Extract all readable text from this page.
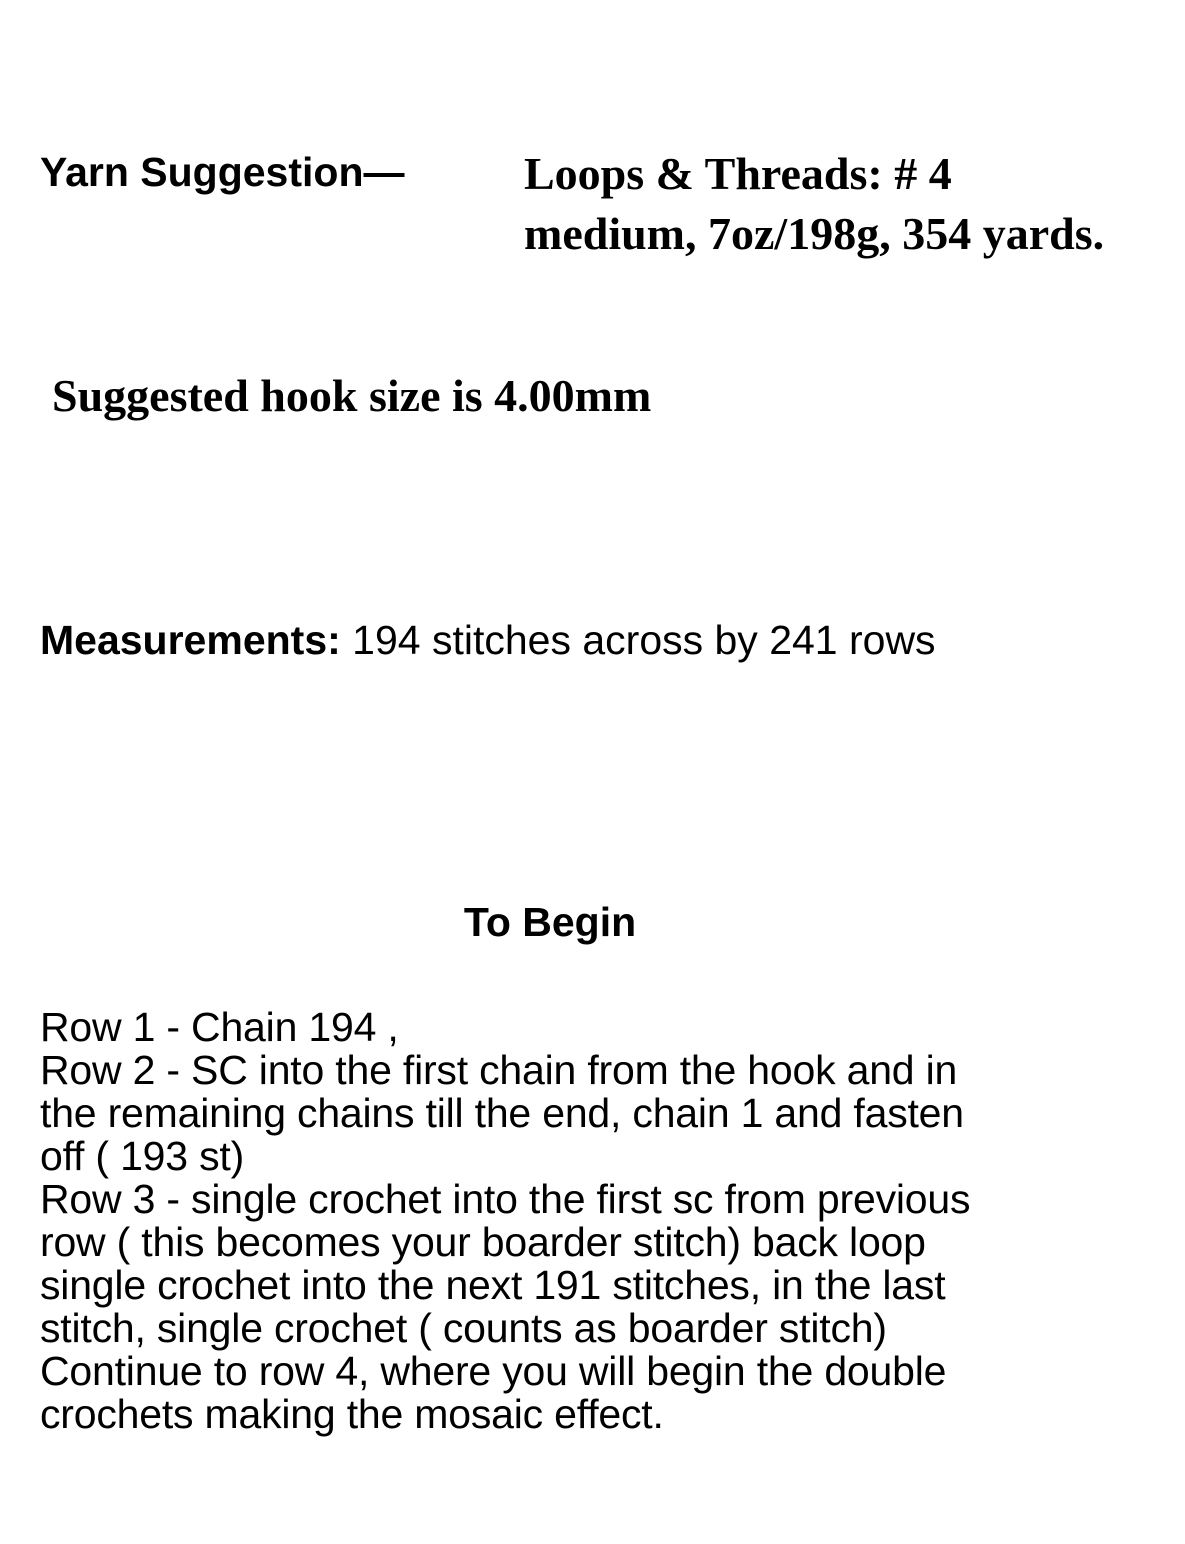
Yarn Suggestion—	Loops & Threads: # 4
medium, 7oz/198g, 354 yards.
Suggested hook size is 4.00mm
Measurements: 194 stitches across by 241 rows
To Begin
Row 1 - Chain 194 ,
Row 2 - SC into the first chain from the hook and in
the remaining chains till the end, chain 1 and fasten
off ( 193 st)
Row 3 - single crochet into the first sc from previous
row ( this becomes your boarder stitch) back loop
single crochet into the next 191 stitches, in the last
stitch, single crochet ( counts as boarder stitch)
Continue to row 4, where you will begin the double
crochets making the mosaic effect.
